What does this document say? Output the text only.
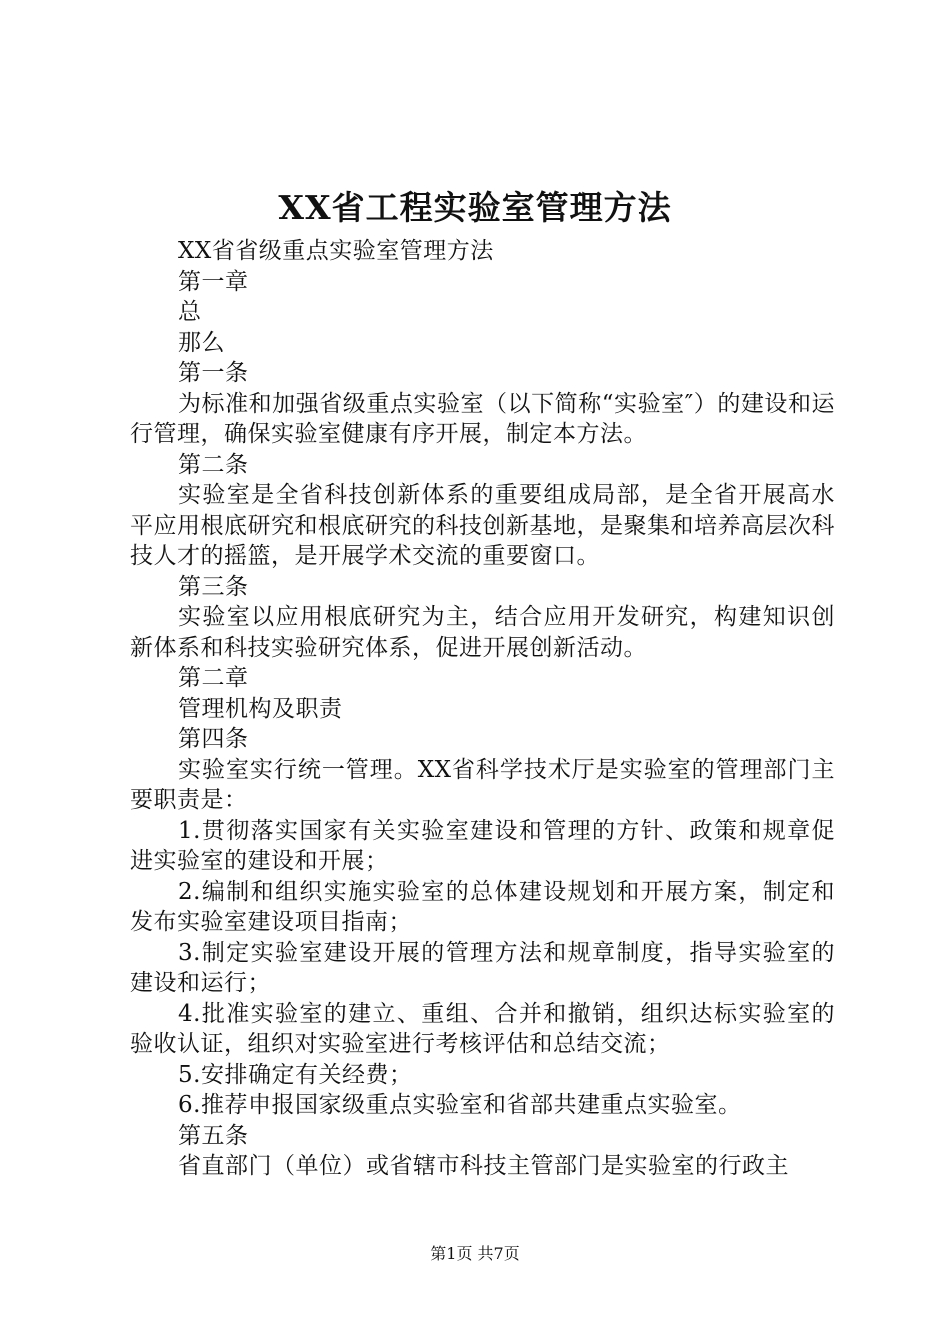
XX省工程实验室管理方法

XX省省级重点实验室管理方法

第一章

总

那么

第一条

为标准和加强省级重点实验室（以下简称“实验室″）的建设和运行管理，确保实验室健康有序开展，制定本方法。

第二条

实验室是全省科技创新体系的重要组成局部，是全省开展高水平应用根底研究和根底研究的科技创新基地，是聚集和培养高层次科技人才的摇篮，是开展学术交流的重要窗口。

第三条

实验室以应用根底研究为主，结合应用开发研究，构建知识创新体系和科技实验研究体系，促进开展创新活动。

第二章

管理机构及职责

第四条

实验室实行统一管理。XX省科学技术厅是实验室的管理部门主要职责是：

1.贯彻落实国家有关实验室建设和管理的方针、政策和规章促进实验室的建设和开展；

2.编制和组织实施实验室的总体建设规划和开展方案，制定和发布实验室建设项目指南；

3.制定实验室建设开展的管理方法和规章制度，指导实验室的建设和运行；

4.批准实验室的建立、重组、合并和撤销，组织达标实验室的验收认证，组织对实验室进行考核评估和总结交流；

5.安排确定有关经费；

6.推荐申报国家级重点实验室和省部共建重点实验室。

第五条

省直部门（单位）或省辖市科技主管部门是实验室的行政主

第1页 共7页
